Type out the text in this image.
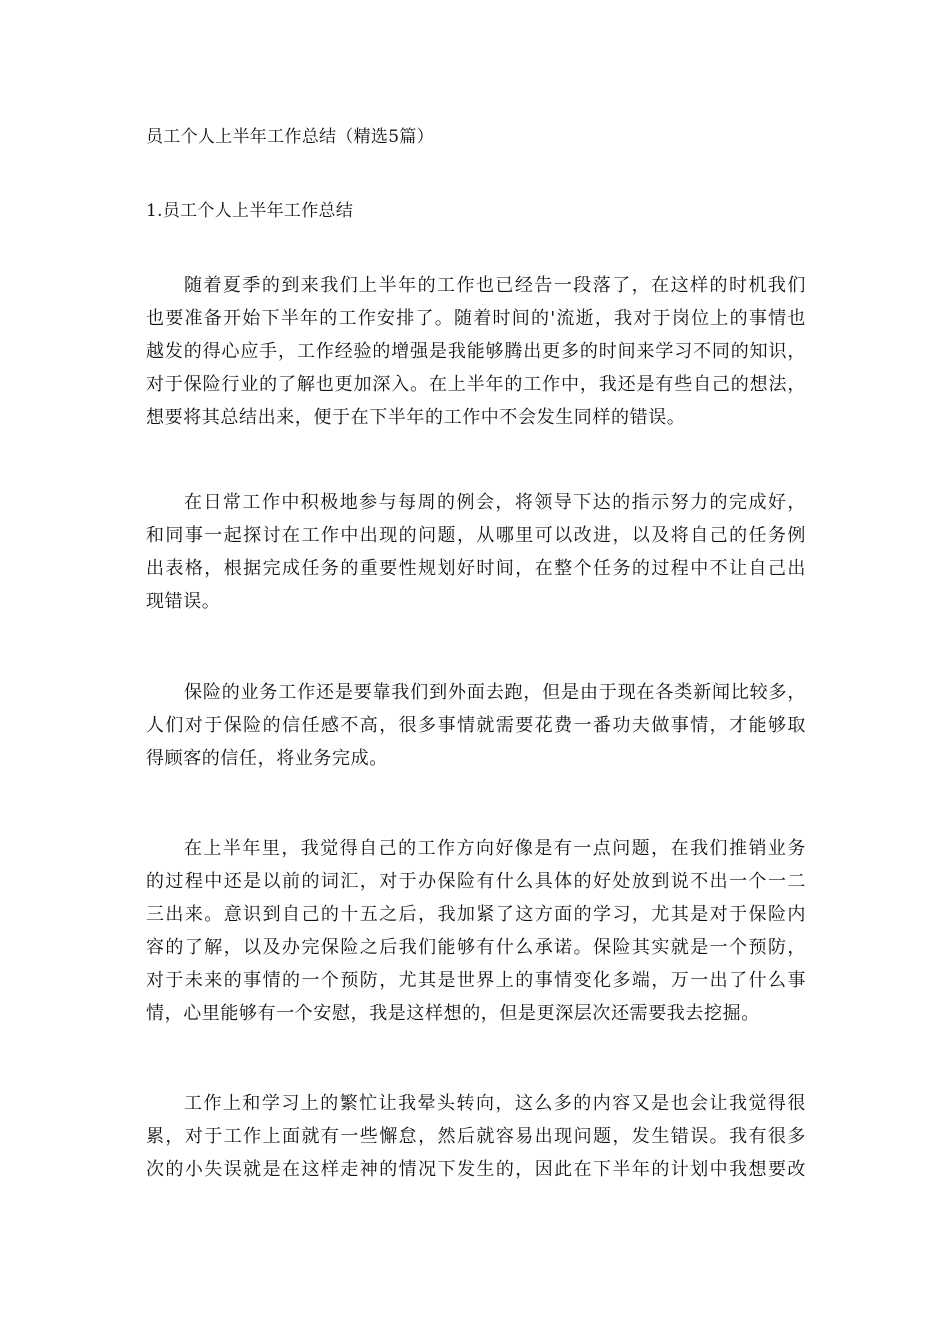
员工个人上半年工作总结（精选5篇）
1.员工个人上半年工作总结
随着夏季的到来我们上半年的工作也已经告一段落了，在这样的时机我们
也要准备开始下半年的工作安排了。随着时间的'流逝，我对于岗位上的事情也
越发的得心应手，工作经验的增强是我能够腾出更多的时间来学习不同的知识，
对于保险行业的了解也更加深入。在上半年的工作中，我还是有些自己的想法，
想要将其总结出来，便于在下半年的工作中不会发生同样的错误。
在日常工作中积极地参与每周的例会，将领导下达的指示努力的完成好，
和同事一起探讨在工作中出现的问题，从哪里可以改进，以及将自己的任务例
出表格，根据完成任务的重要性规划好时间，在整个任务的过程中不让自己出
现错误。
保险的业务工作还是要靠我们到外面去跑，但是由于现在各类新闻比较多，
人们对于保险的信任感不高，很多事情就需要花费一番功夫做事情，才能够取
得顾客的信任，将业务完成。
在上半年里，我觉得自己的工作方向好像是有一点问题，在我们推销业务
的过程中还是以前的词汇，对于办保险有什么具体的好处放到说不出一个一二
三出来。意识到自己的十五之后，我加紧了这方面的学习，尤其是对于保险内
容的了解，以及办完保险之后我们能够有什么承诺。保险其实就是一个预防，
对于未来的事情的一个预防，尤其是世界上的事情变化多端，万一出了什么事
情，心里能够有一个安慰，我是这样想的，但是更深层次还需要我去挖掘。
工作上和学习上的繁忙让我晕头转向，这么多的内容又是也会让我觉得很
累，对于工作上面就有一些懈怠，然后就容易出现问题，发生错误。我有很多
次的小失误就是在这样走神的情况下发生的，因此在下半年的计划中我想要改
